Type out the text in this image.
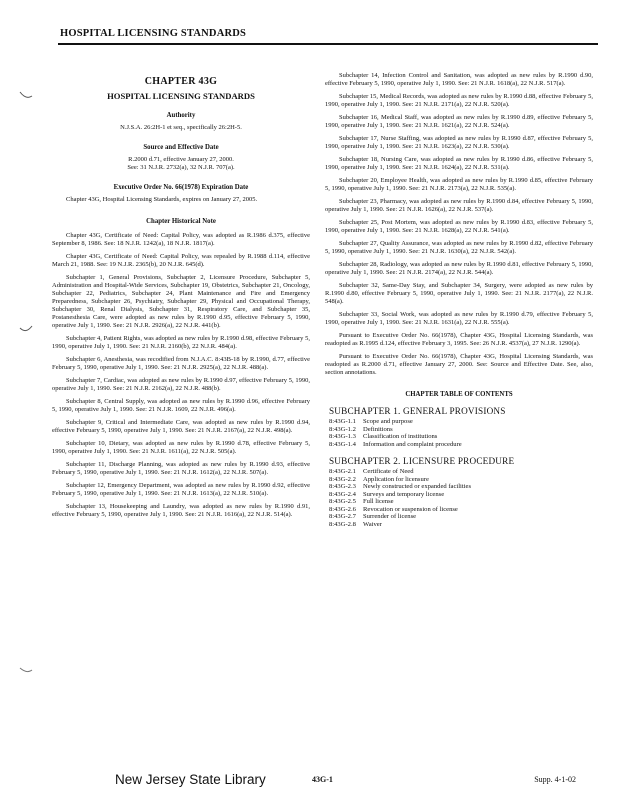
HOSPITAL LICENSING STANDARDS
CHAPTER 43G
HOSPITAL LICENSING STANDARDS
Authority
N.J.S.A. 26:2H-1 et seq., specifically 26:2H-5.
Source and Effective Date
R.2000 d.71, effective January 27, 2000.
See: 31 N.J.R. 2732(a), 32 N.J.R. 707(a).
Executive Order No. 66(1978) Expiration Date

Chapter 43G, Hospital Licensing Standards, expires on January 27, 2005.

Chapter Historical Note

Chapter 43G, Certificate of Need: Capital Policy, was adopted as R.1986 d.375, effective September 8, 1986. See: 18 N.J.R. 1242(a), 18 N.J.R. 1817(a).

Chapter 43G, Certificate of Need: Capital Policy, was repealed by R.1988 d.114, effective March 21, 1988. See: 19 N.J.R. 2365(b), 20 N.J.R. 645(d).

Subchapter 1, General Provisions, Subchapter 2, Licensure Procedure, Subchapter 5, Administration and Hospital-Wide Services, Subchapter 19, Obstetrics, Subchapter 21, Oncology, Subchapter 22, Pediatrics, Subchapter 24, Plant Maintenance and Fire and Emergency Preparedness, Subchapter 26, Psychiatry, Subchapter 29, Physical and Occupational Therapy, Subchapter 30, Renal Dialysis, Subchapter 31, Respiratory Care, and Subchapter 35, Postanesthesia Care, were adopted as new rules by R.1990 d.95, effective February 5, 1990, operative July 1, 1990. See: 21 N.J.R. 2926(a), 22 N.J.R. 441(b).

Subchapter 4, Patient Rights, was adopted as new rules by R.1990 d.98, effective February 5, 1990, operative July 1, 1990. See: 21 N.J.R. 2160(b), 22 N.J.R. 484(a).

Subchapter 6, Anesthesia, was recodified from N.J.A.C. 8:43B-18 by R.1990, d.77, effective February 5, 1990, operative July 1, 1990. See: 21 N.J.R. 2925(a), 22 N.J.R. 488(a).

Subchapter 7, Cardiac, was adopted as new rules by R.1990 d.97, effective February 5, 1990, operative July 1, 1990. See: 21 N.J.R. 2162(a), 22 N.J.R. 488(b).

Subchapter 8, Central Supply, was adopted as new rules by R.1990 d.96, effective February 5, 1990, operative July 1, 1990. See: 21 N.J.R. 1609, 22 N.J.R. 496(a).

Subchapter 9, Critical and Intermediate Care, was adopted as new rules by R.1990 d.94, effective February 5, 1990, operative July 1, 1990. See: 21 N.J.R. 2167(a), 22 N.J.R. 498(a).

Subchapter 10, Dietary, was adopted as new rules by R.1990 d.78, effective February 5, 1990, operative July 1, 1990. See: 21 N.J.R. 1611(a), 22 N.J.R. 505(a).

Subchapter 11, Discharge Planning, was adopted as new rules by R.1990 d.93, effective February 5, 1990, operative July 1, 1990. See: 21 N.J.R. 1612(a), 22 N.J.R. 507(a).

Subchapter 12, Emergency Department, was adopted as new rules by R.1990 d.92, effective February 5, 1990, operative July 1, 1990. See: 21 N.J.R. 1613(a), 22 N.J.R. 510(a).

Subchapter 13, Housekeeping and Laundry, was adopted as new rules by R.1990 d.91, effective February 5, 1990, operative July 1, 1990. See: 21 N.J.R. 1616(a), 22 N.J.R. 514(a).

Subchapter 14, Infection Control and Sanitation, was adopted as new rules by R.1990 d.90, effective February 5, 1990, operative July 1, 1990. See: 21 N.J.R. 1618(a), 22 N.J.R. 517(a).

Subchapter 15, Medical Records, was adopted as new rules by R.1990 d.88, effective February 5, 1990, operative July 1, 1990. See: 21 N.J.R. 2171(a), 22 N.J.R. 520(a).

Subchapter 16, Medical Staff, was adopted as new rules by R.1990 d.89, effective February 5, 1990, operative July 1, 1990. See: 21 N.J.R. 1621(a), 22 N.J.R. 524(a).

Subchapter 17, Nurse Staffing, was adopted as new rules by R.1990 d.87, effective February 5, 1990, operative July 1, 1990. See: 21 N.J.R. 1623(a), 22 N.J.R. 530(a).

Subchapter 18, Nursing Care, was adopted as new rules by R.1990 d.86, effective February 5, 1990, operative July 1, 1990. See: 21 N.J.R. 1624(a), 22 N.J.R. 531(a).

Subchapter 20, Employee Health, was adopted as new rules by R.1990 d.85, effective February 5, 1990, operative July 1, 1990. See: 21 N.J.R. 2173(a), 22 N.J.R. 535(a).

Subchapter 23, Pharmacy, was adopted as new rules by R.1990 d.84, effective February 5, 1990, operative July 1, 1990. See: 21 N.J.R. 1626(a), 22 N.J.R. 537(a).

Subchapter 25, Post Mortem, was adopted as new rules by R.1990 d.83, effective February 5, 1990, operative July 1, 1990. See: 21 N.J.R. 1628(a), 22 N.J.R. 541(a).

Subchapter 27, Quality Assurance, was adopted as new rules by R.1990 d.82, effective February 5, 1990, operative July 1, 1990. See: 21 N.J.R. 1630(a), 22 N.J.R. 542(a).

Subchapter 28, Radiology, was adopted as new rules by R.1990 d.81, effective February 5, 1990, operative July 1, 1990. See: 21 N.J.R. 2174(a), 22 N.J.R. 544(a).

Subchapter 32, Same-Day Stay, and Subchapter 34, Surgery, were adopted as new rules by R.1990 d.80, effective February 5, 1990, operative July 1, 1990. See: 21 N.J.R. 2177(a), 22 N.J.R. 548(a).

Subchapter 33, Social Work, was adopted as new rules by R.1990 d.79, effective February 5, 1990, operative July 1, 1990. See: 21 N.J.R. 1631(a), 22 N.J.R. 555(a).

Pursuant to Executive Order No. 66(1978), Chapter 43G, Hospital Licensing Standards, was readopted as R.1995 d.124, effective February 3, 1995. See: 26 N.J.R. 4537(a), 27 N.J.R. 1290(a).

Pursuant to Executive Order No. 66(1978), Chapter 43G, Hospital Licensing Standards, was readopted as R.2000 d.71, effective January 27, 2000. See: Source and Effective Date. See, also, section annotations.

CHAPTER TABLE OF CONTENTS
SUBCHAPTER 1. GENERAL PROVISIONS
8:43G-1.1	Scope and purpose
8:43G-1.2	Definitions
8:43G-1.3	Classification of institutions
8:43G-1.4	Information and complaint procedure
SUBCHAPTER 2. LICENSURE PROCEDURE
8:43G-2.1	Certificate of Need
8:43G-2.2	Application for licensure
8:43G-2.3	Newly constructed or expanded facilities
8:43G-2.4	Surveys and temporary license
8:43G-2.5	Full license
8:43G-2.6	Revocation or suspension of license
8:43G-2.7	Surrender of license
8:43G-2.8	Waiver
New Jersey State Library	43G-1	Supp. 4-1-02
